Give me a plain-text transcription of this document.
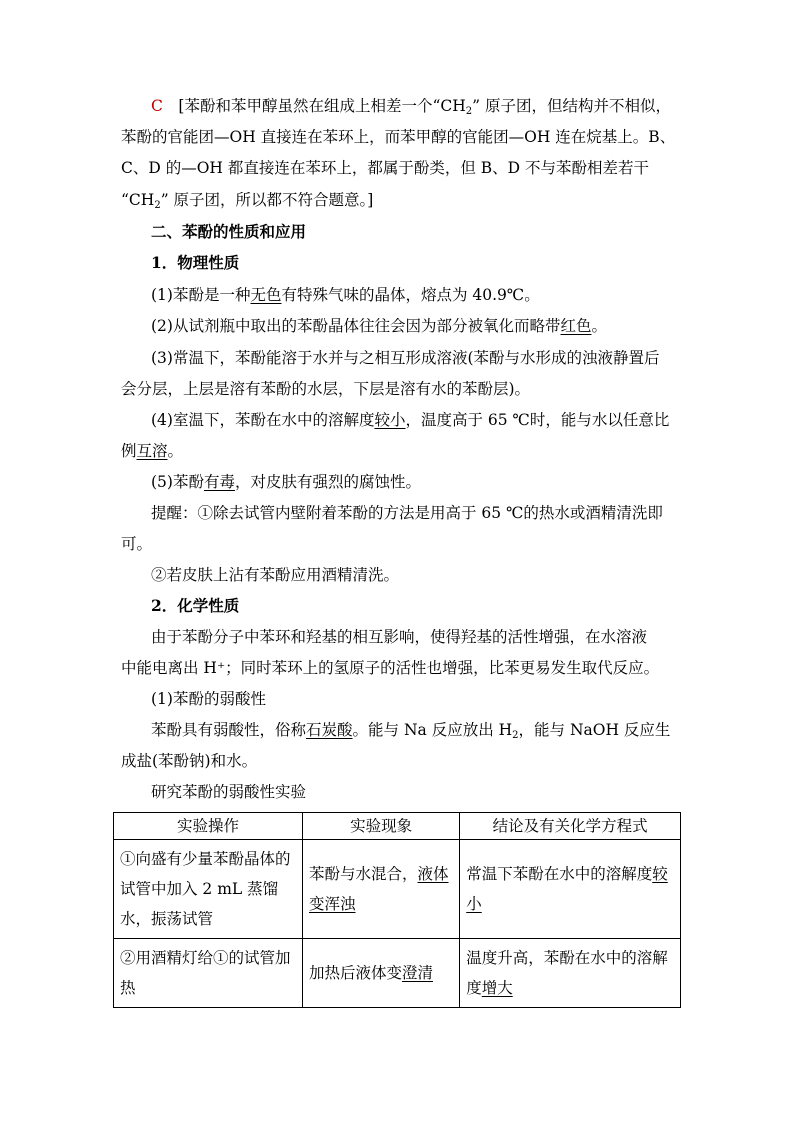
C　 [苯酚和苯甲醇虽然在组成上相差一个“$CH_2$” 原子团，但结构并不相似，
苯酚的官能团—OH 直接连在苯环上，而苯甲醇的官能团—OH 连在烷基上。B、
C、D 的—OH 都直接连在苯环上，都属于酚类，但 B、D 不与苯酚相差若干
“$CH_2$” 原子团，所以都不符合题意。]
二、苯酚的性质和应用
1．物理性质
(1)苯酚是一种无色有特殊气味的晶体，熔点为 40.9℃。
(2)从试剂瓶中取出的苯酚晶体往往会因为部分被氧化而略带红色。
(3)常温下，苯酚能溶于水并与之相互形成溶液(苯酚与水形成的浊液静置后
会分层，上层是溶有苯酚的水层，下层是溶有水的苯酚层)。
(4)室温下，苯酚在水中的溶解度较小，温度高于 65 ℃时，能与水以任意比
例互溶。
(5)苯酚有毒，对皮肤有强烈的腐蚀性。
提醒：①除去试管内壁附着苯酚的方法是用高于 65 ℃的热水或酒精清洗即
可。
②若皮肤上沾有苯酚应用酒精清洗。
2．化学性质
由于苯酚分子中苯环和羟基的相互影响，使得羟基的活性增强，在水溶液
中能电离出 H⁺；同时苯环上的氢原子的活性也增强，比苯更易发生取代反应。
(1)苯酚的弱酸性
苯酚具有弱酸性，俗称石炭酸。能与 Na 反应放出 $H_2$，能与 NaOH 反应生
成盐(苯酚钠)和水。
研究苯酚的弱酸性实验
实验操作	实验现象	结论及有关化学方程式
①向盛有少量苯酚晶体的试管中加入 2 mL 蒸馏水，振荡试管	苯酚与水混合，液体变浑浊	常温下苯酚在水中的溶解度较小
②用酒精灯给①的试管加热	加热后液体变澄清	温度升高，苯酚在水中的溶解度增大
